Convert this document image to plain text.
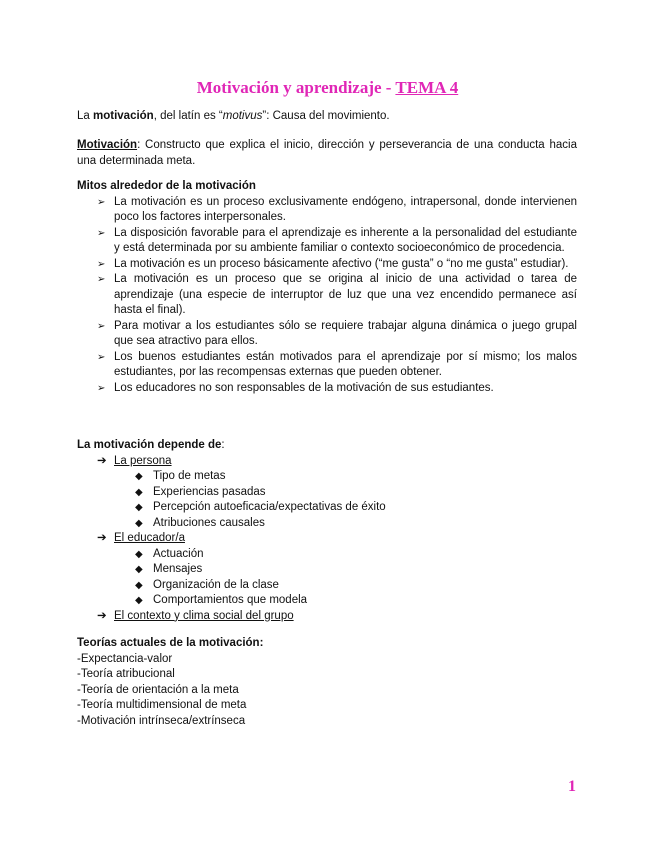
Motivación y aprendizaje - TEMA 4
La motivación, del latín es “motivus”: Causa del movimiento.
Motivación: Constructo que explica el inicio, dirección y perseverancia de una conducta hacia una determinada meta.
Mitos alrededor de la motivación
➢ La motivación es un proceso exclusivamente endógeno, intrapersonal, donde intervienen poco los factores interpersonales.
➢ La disposición favorable para el aprendizaje es inherente a la personalidad del estudiante y está determinada por su ambiente familiar o contexto socioeconómico de procedencia.
➢ La motivación es un proceso básicamente afectivo (“me gusta” o “no me gusta” estudiar).
➢ La motivación es un proceso que se origina al inicio de una actividad o tarea de aprendizaje (una especie de interruptor de luz que una vez encendido permanece así hasta el final).
➢ Para motivar a los estudiantes sólo se requiere trabajar alguna dinámica o juego grupal que sea atractivo para ellos.
➢ Los buenos estudiantes están motivados para el aprendizaje por sí mismo; los malos estudiantes, por las recompensas externas que pueden obtener.
➢ Los educadores no son responsables de la motivación de sus estudiantes.
La motivación depende de:
➔ La persona
◆ Tipo de metas
◆ Experiencias pasadas
◆ Percepción autoeficacia/expectativas de éxito
◆ Atribuciones causales
➔ El educador/a
◆ Actuación
◆ Mensajes
◆ Organización de la clase
◆ Comportamientos que modela
➔ El contexto y clima social del grupo
Teorías actuales de la motivación:
-Expectancia-valor
-Teoría atribucional
-Teoría de orientación a la meta
-Teoría multidimensional de meta
-Motivación intrínseca/extrínseca
1
